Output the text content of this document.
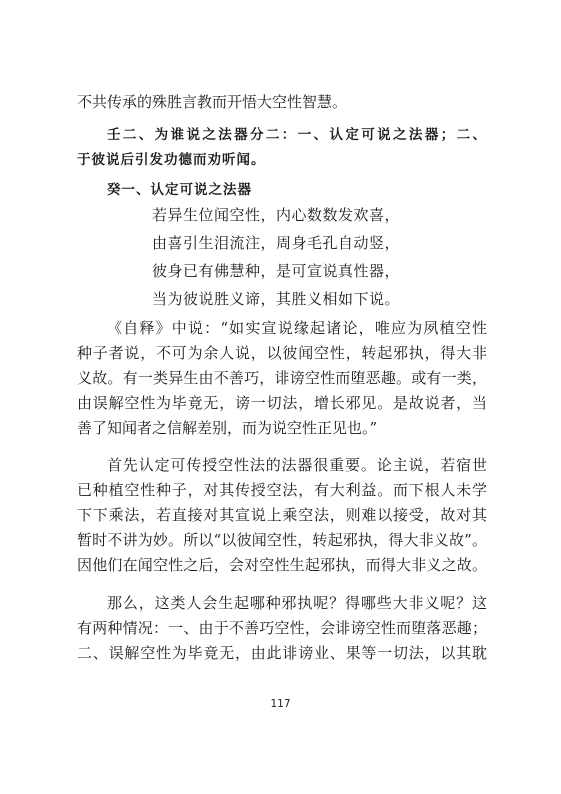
不共传承的殊胜言教而开悟大空性智慧。
壬二、为谁说之法器分二：一、认定可说之法器；二、
于彼说后引发功德而劝听闻。
癸一、认定可说之法器
若异生位闻空性，内心数数发欢喜，
由喜引生泪流注，周身毛孔自动竖，
彼身已有佛慧种，是可宣说真性器，
当为彼说胜义谛，其胜义相如下说。
《自释》中说：“如实宣说缘起诸论，唯应为夙植空性
种子者说，不可为余人说，以彼闻空性，转起邪执，得大非
义故。有一类异生由不善巧，诽谤空性而堕恶趣。或有一类，
由误解空性为毕竟无，谤一切法，增长邪见。是故说者，当
善了知闻者之信解差别，而为说空性正见也。”
首先认定可传授空性法的法器很重要。论主说，若宿世
已种植空性种子，对其传授空法，有大利益。而下根人未学
下下乘法，若直接对其宣说上乘空法，则难以接受，故对其
暂时不讲为妙。所以“以彼闻空性，转起邪执，得大非义故”。
因他们在闻空性之后，会对空性生起邪执，而得大非义之故。
那么，这类人会生起哪种邪执呢？得哪些大非义呢？这
有两种情况：一、由于不善巧空性，会诽谤空性而堕落恶趣；
二、误解空性为毕竟无，由此诽谤业、果等一切法，以其耽
117
